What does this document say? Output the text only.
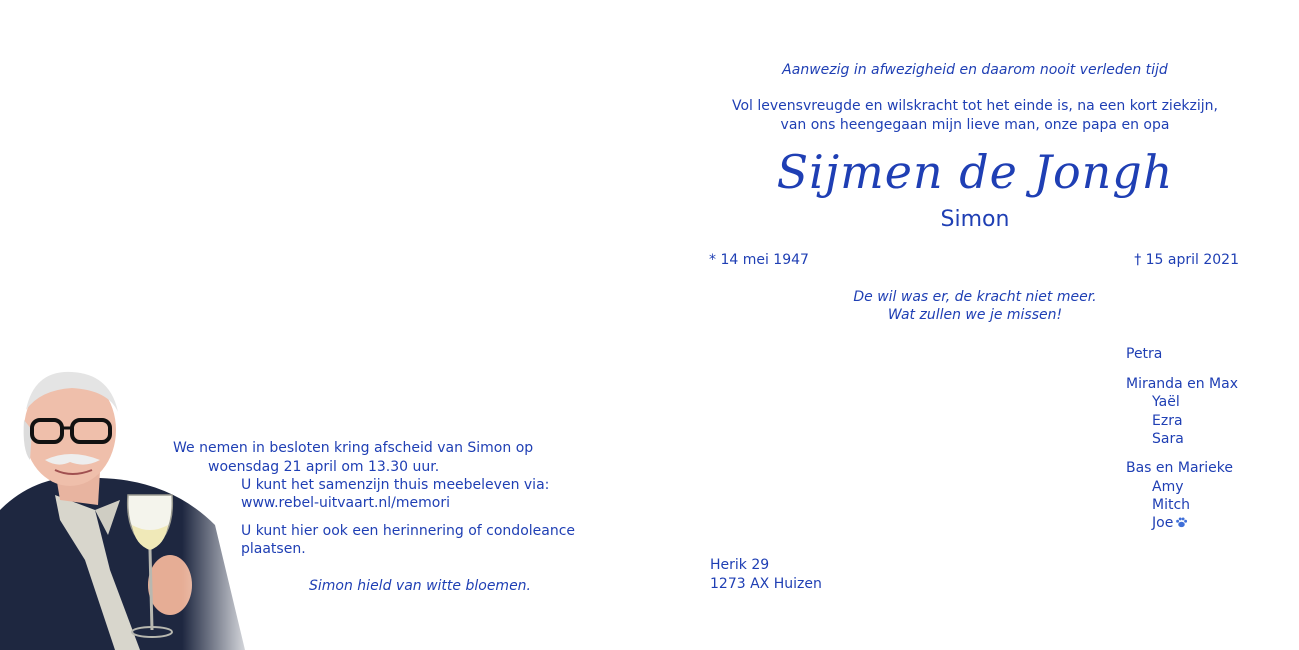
Aanwezig in afwezigheid en daarom nooit verleden tijd
Vol levensvreugde en wilskracht tot het einde is, na een kort ziekzijn,
van ons heengegaan mijn lieve man, onze papa en opa
Sijmen de Jongh
Simon
* 14 mei 1947	† 15 april 2021
De wil was er, de kracht niet meer.
Wat zullen we je missen!
Petra
Miranda en Max
Yaël
Ezra
Sara
Bas en Marieke
Amy
Mitch
Joe
Herik 29
1273 AX Huizen
We nemen in besloten kring afscheid van Simon op
woensdag 21 april om 13.30 uur.
U kunt het samenzijn thuis meebeleven via:
www.rebel-uitvaart.nl/memori
U kunt hier ook een herinnering of condoleance
plaatsen.
Simon hield van witte bloemen.
